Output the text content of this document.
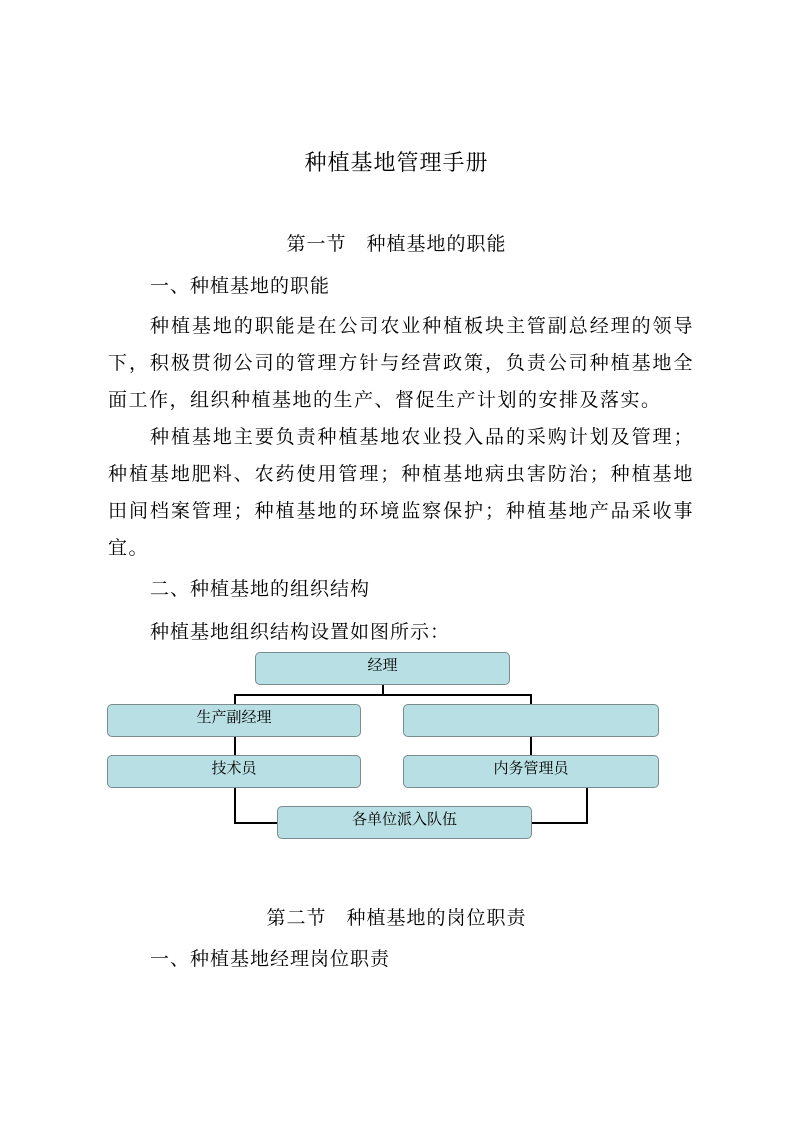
种植基地管理手册
第一节　种植基地的职能
一、种植基地的职能
种植基地的职能是在公司农业种植板块主管副总经理的领导下，积极贯彻公司的管理方针与经营政策，负责公司种植基地全面工作，组织种植基地的生产、督促生产计划的安排及落实。
种植基地主要负责种植基地农业投入品的采购计划及管理；种植基地肥料、农药使用管理；种植基地病虫害防治；种植基地田间档案管理；种植基地的环境监察保护；种植基地产品采收事宜。
二、种植基地的组织结构
种植基地组织结构设置如图所示：
经理
生产副经理
技术员	内务管理员
各单位派入队伍
第二节　种植基地的岗位职责
一、种植基地经理岗位职责
